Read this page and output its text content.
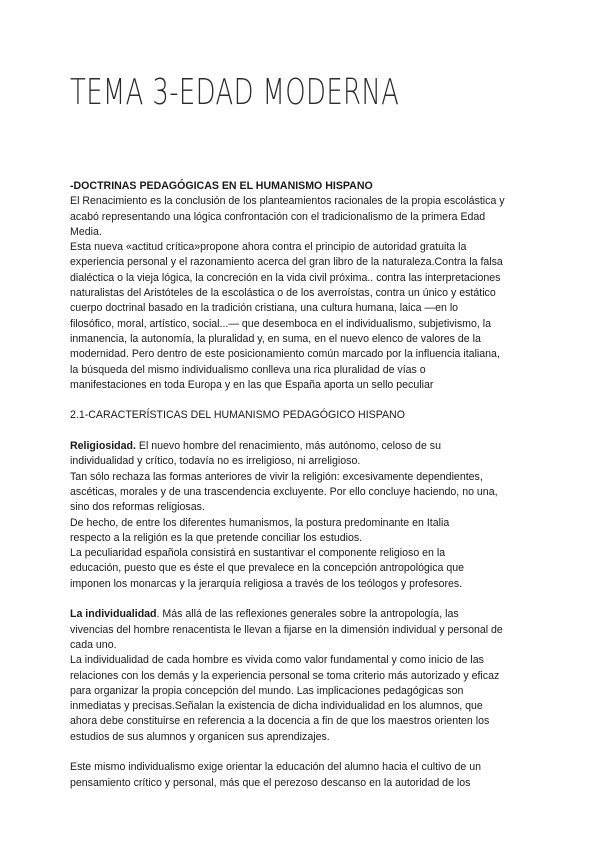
TEMA 3-EDAD MODERNA
-DOCTRINAS PEDAGÓGICAS EN EL HUMANISMO HISPANO
El Renacimiento es la conclusión de los planteamientos racionales de la propia escolástica y
acabó representando una lógica confrontación con el tradicionalismo de la primera Edad
Media.
Esta nueva «actitud crítica»propone ahora contra el principio de autoridad gratuita la
experiencia personal y el razonamiento acerca del gran libro de la naturaleza.Contra la falsa
dialéctica o la vieja lógica, la concreción en la vida civil próxima.. contra las interpretaciones
naturalistas del Aristóteles de la escolástica o de los averroístas, contra un único y estático
cuerpo doctrinal basado en la tradición cristiana, una cultura humana, laica —en lo
filosófico, moral, artístico, social...— que desemboca en el individualismo, subjetivismo, la
inmanencia, la autonomía, la pluralidad y, en suma, en el nuevo elenco de valores de la
modernidad. Pero dentro de este posicionamiento común marcado por la influencia italiana,
la búsqueda del mismo individualismo conlleva una rica pluralidad de vías o
manifestaciones en toda Europa y en las que España aporta un sello peculiar
2.1-CARACTERÍSTICAS DEL HUMANISMO PEDAGÓGICO HISPANO
Religiosidad. El nuevo hombre del renacimiento, más autónomo, celoso de su
individualidad y crítico, todavía no es irreligioso, ni arreligioso.
Tan sólo rechaza las formas anteriores de vivir la religión: excesivamente dependientes,
ascéticas, morales y de una trascendencia excluyente. Por ello concluye haciendo, no una,
sino dos reformas religiosas.
De hecho, de entre los diferentes humanismos, la postura predominante en Italia
respecto a la religión es la que pretende conciliar los estudios.
La peculiaridad española consistirá en sustantivar el componente religioso en la
educación, puesto que es éste el que prevalece en la concepción antropológica que
imponen los monarcas y la jerarquía religiosa a través de los teólogos y profesores.
La individualidad. Más allá de las reflexiones generales sobre la antropología, las
vivencias del hombre renacentista le llevan a fijarse en la dimensión individual y personal de
cada uno.
La individualidad de cada hombre es vivida como valor fundamental y como inicio de las
relaciones con los demás y la experiencia personal se toma criterio más autorizado y eficaz
para organizar la propia concepción del mundo. Las implicaciones pedagógicas son
inmediatas y precisas.Señalan la existencia de dicha individualidad en los alumnos, que
ahora debe constituirse en referencia a la docencia a fin de que los maestros orienten los
estudios de sus alumnos y organicen sus aprendizajes.
Este mismo individualismo exige orientar la educación del alumno hacia el cultivo de un
pensamiento crítico y personal, más que el perezoso descanso en la autoridad de los
